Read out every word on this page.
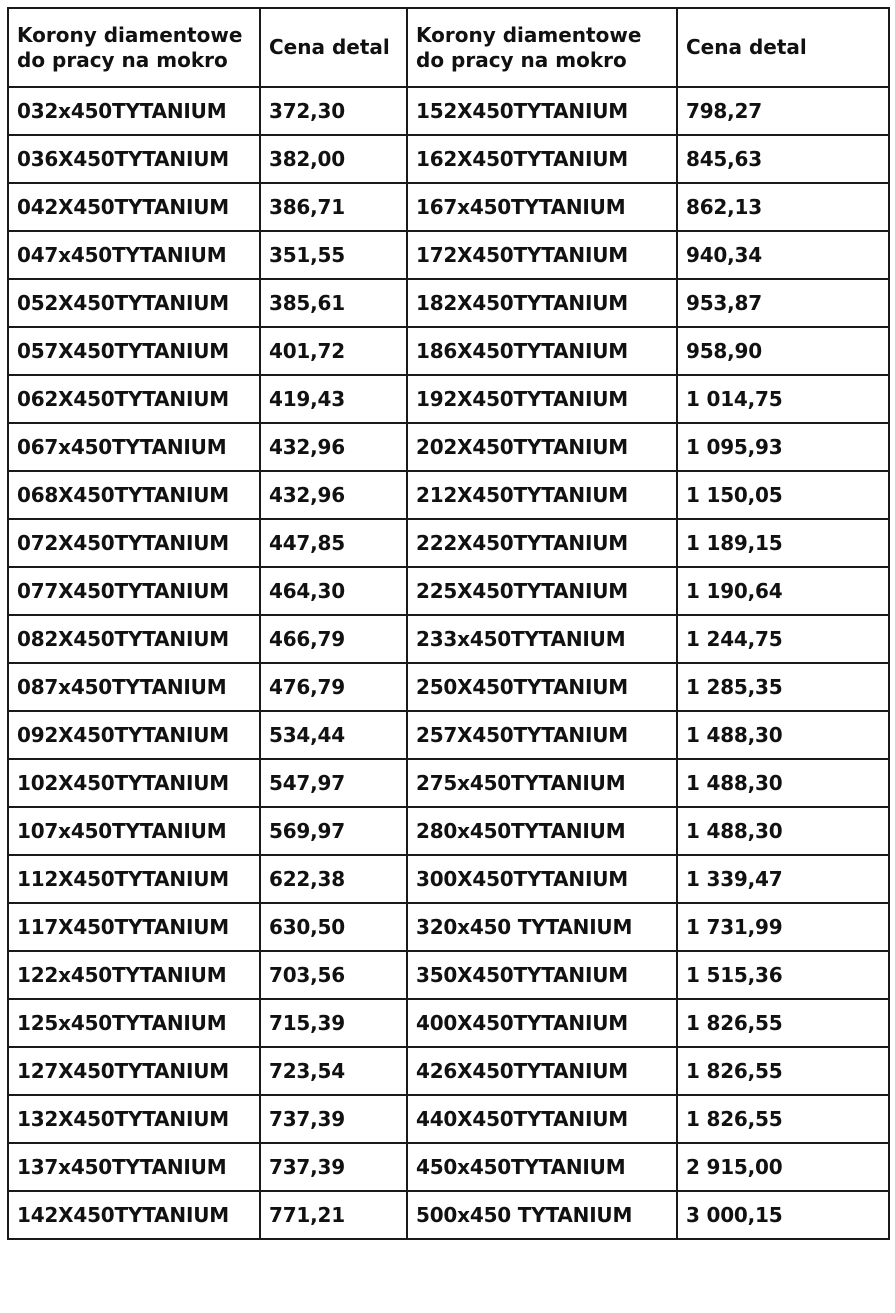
Korony diamentowe do pracy na mokro	Cena detal	Korony diamentowe do pracy na mokro	Cena detal
032x450TYTANIUM	372,30	152X450TYTANIUM	798,27
036X450TYTANIUM	382,00	162X450TYTANIUM	845,63
042X450TYTANIUM	386,71	167x450TYTANIUM	862,13
047x450TYTANIUM	351,55	172X450TYTANIUM	940,34
052X450TYTANIUM	385,61	182X450TYTANIUM	953,87
057X450TYTANIUM	401,72	186X450TYTANIUM	958,90
062X450TYTANIUM	419,43	192X450TYTANIUM	1 014,75
067x450TYTANIUM	432,96	202X450TYTANIUM	1 095,93
068X450TYTANIUM	432,96	212X450TYTANIUM	1 150,05
072X450TYTANIUM	447,85	222X450TYTANIUM	1 189,15
077X450TYTANIUM	464,30	225X450TYTANIUM	1 190,64
082X450TYTANIUM	466,79	233x450TYTANIUM	1 244,75
087x450TYTANIUM	476,79	250X450TYTANIUM	1 285,35
092X450TYTANIUM	534,44	257X450TYTANIUM	1 488,30
102X450TYTANIUM	547,97	275x450TYTANIUM	1 488,30
107x450TYTANIUM	569,97	280x450TYTANIUM	1 488,30
112X450TYTANIUM	622,38	300X450TYTANIUM	1 339,47
117X450TYTANIUM	630,50	320x450 TYTANIUM	1 731,99
122x450TYTANIUM	703,56	350X450TYTANIUM	1 515,36
125x450TYTANIUM	715,39	400X450TYTANIUM	1 826,55
127X450TYTANIUM	723,54	426X450TYTANIUM	1 826,55
132X450TYTANIUM	737,39	440X450TYTANIUM	1 826,55
137x450TYTANIUM	737,39	450x450TYTANIUM	2 915,00
142X450TYTANIUM	771,21	500x450 TYTANIUM	3 000,15
